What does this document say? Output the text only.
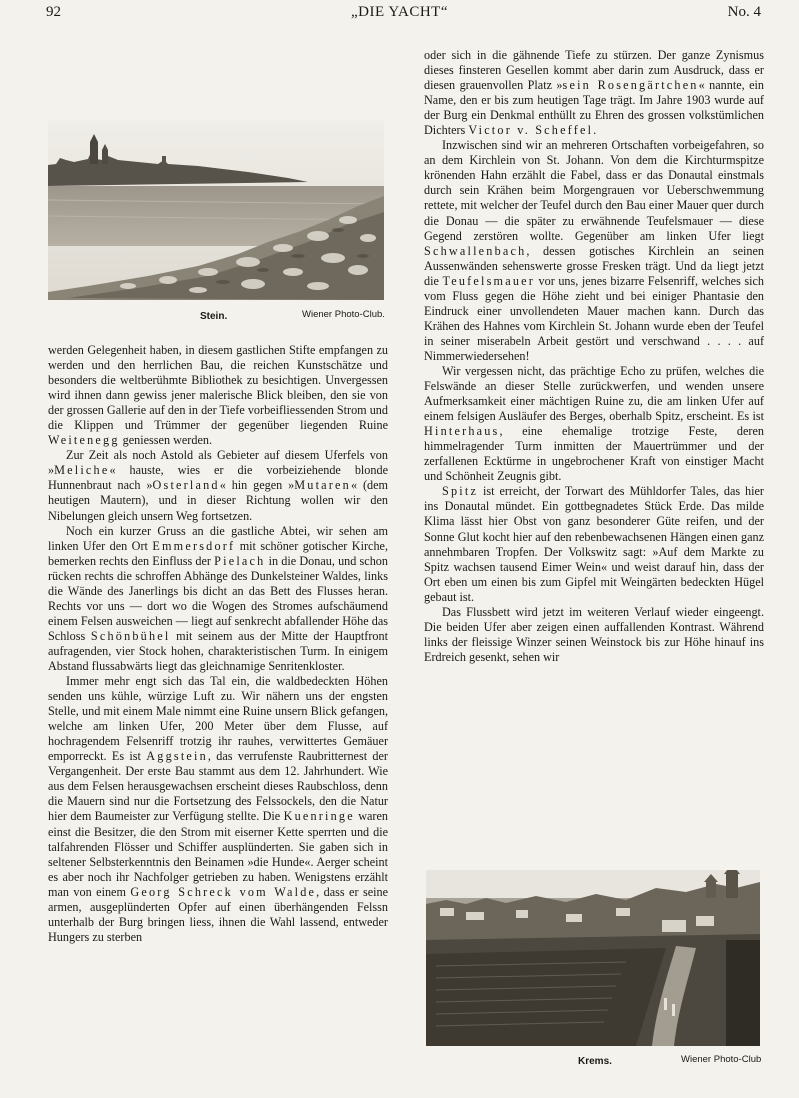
92	„DIE YACHT“	No. 4
Stein.	Wiener Photo-Club.
Krems.	Wiener Photo-Club

werden Gelegenheit haben, in diesem gastlichen Stifte empfangen zu werden und den herrlichen Bau, die reichen Kunstschätze und besonders die weltberühmte Bibliothek zu besichtigen. Unvergessen wird ihnen dann gewiss jener malerische Blick bleiben, den sie von der grossen Gallerie auf den in der Tiefe vorbeifliessenden Strom und die Klippen und Trümmer der gegenüber liegenden Ruine Weitenegg geniessen werden.

Zur Zeit als noch Astold als Gebieter auf diesem Uferfels von »Meliche« hauste, wies er die vorbeiziehende blonde Hunnenbraut nach »Osterland« hin gegen »Mutaren« (dem heutigen Mautern), und in dieser Richtung wollen wir den Nibelungen gleich unsern Weg fortsetzen.

Noch ein kurzer Gruss an die gastliche Abtei, wir sehen am linken Ufer den Ort Emmersdorf mit schöner gotischer Kirche, bemerken rechts den Einfluss der Pielach in die Donau, und schon rücken rechts die schroffen Abhänge des Dunkelsteiner Waldes, links die Wände des Janerlings bis dicht an das Bett des Flusses heran. Rechts vor uns — dort wo die Wogen des Stromes aufschäumend einem Felsen ausweichen — liegt auf senkrecht abfallender Höhe das Schloss Schönbühel mit seinem aus der Mitte der Hauptfront aufragenden, vier Stock hohen, charakteristischen Turm. In einigem Abstand flussabwärts liegt das gleichnamige Senritenkloster.

Immer mehr engt sich das Tal ein, die waldbedeckten Höhen senden uns kühle, würzige Luft zu. Wir nähern uns der engsten Stelle, und mit einem Male nimmt eine Ruine unsern Blick gefangen, welche am linken Ufer, 200 Meter über dem Flusse, auf hochragendem Felsenriff trotzig ihr rauhes, verwittertes Gemäuer emporreckt. Es ist Aggstein, das verrufenste Raubritternest der Vergangenheit. Der erste Bau stammt aus dem 12. Jahrhundert. Wie aus dem Felsen herausgewachsen erscheint dieses Raubschloss, denn die Mauern sind nur die Fortsetzung des Felssockels, den die Natur hier dem Baumeister zur Verfügung stellte. Die Kuenringe waren einst die Besitzer, die den Strom mit eiserner Kette sperrten und die talfahrenden Flösser und Schiffer ausplünderten. Sie gaben sich in seltener Selbsterkenntnis den Beinamen »die Hunde«. Aerger scheint es aber noch ihr Nachfolger getrieben zu haben. Wenigstens erzählt man von einem Georg Schreck vom Walde, dass er seine armen, ausgeplünderten Opfer auf einen überhängenden Felssn unterhalb der Burg bringen liess, ihnen die Wahl lassend, entweder Hungers zu sterben

oder sich in die gähnende Tiefe zu stürzen. Der ganze Zynismus dieses finsteren Gesellen kommt aber darin zum Ausdruck, dass er diesen grauenvollen Platz »sein Rosengärtchen« nannte, ein Name, den er bis zum heutigen Tage trägt. Im Jahre 1903 wurde auf der Burg ein Denkmal enthüllt zu Ehren des grossen volkstümlichen Dichters Victor v. Scheffel.

Inzwischen sind wir an mehreren Ortschaften vorbeigefahren, so an dem Kirchlein von St. Johann. Von dem die Kirchturmspitze krönenden Hahn erzählt die Fabel, dass er das Donautal einstmals durch sein Krähen beim Morgengrauen vor Ueberschwemmung rettete, mit welcher der Teufel durch den Bau einer Mauer quer durch die Donau — die später zu erwähnende Teufelsmauer — diese Gegend zerstören wollte. Gegenüber am linken Ufer liegt Schwallenbach, dessen gotisches Kirchlein an seinen Aussenwänden sehenswerte grosse Fresken trägt. Und da liegt jetzt die Teufelsmauer vor uns, jenes bizarre Felsenriff, welches sich vom Fluss gegen die Höhe zieht und bei einiger Phantasie den Eindruck einer unvollendeten Mauer machen kann. Durch das Krähen des Hahnes vom Kirchlein St. Johann wurde eben der Teufel in seiner miserabeln Arbeit gestört und verschwand . . . . auf Nimmerwiedersehen!

Wir vergessen nicht, das prächtige Echo zu prüfen, welches die Felswände an dieser Stelle zurückwerfen, und wenden unsere Aufmerksamkeit einer mächtigen Ruine zu, die am linken Ufer auf einem felsigen Ausläufer des Berges, oberhalb Spitz, erscheint. Es ist Hinterhaus, eine ehemalige trotzige Feste, deren himmelragender Turm inmitten der Mauertrümmer und der zerfallenen Ecktürme in ungebrochener Kraft von einstiger Macht und Schönheit Zeugnis gibt.

Spitz ist erreicht, der Torwart des Mühldorfer Tales, das hier ins Donautal mündet. Ein gottbegnadetes Stück Erde. Das milde Klima lässt hier Obst von ganz besonderer Güte reifen, und der Sonne Glut kocht hier auf den rebenbewachsenen Hängen einen ganz annehmbaren Tropfen. Der Volkswitz sagt: »Auf dem Markte zu Spitz wachsen tausend Eimer Wein« und weist darauf hin, dass der Ort eben um einen bis zum Gipfel mit Weingärten bedeckten Hügel gebaut ist.

Das Flussbett wird jetzt im weiteren Verlauf wieder eingeengt. Die beiden Ufer aber zeigen einen auffallenden Kontrast. Während links der fleissige Winzer seinen Weinstock bis zur Höhe hinauf ins Erdreich gesenkt, sehen wir
